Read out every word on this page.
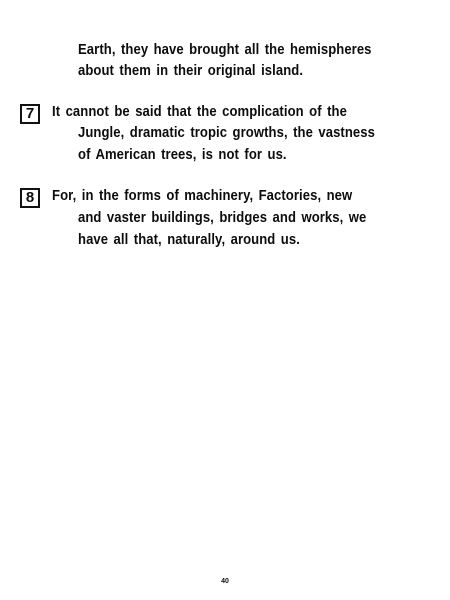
Earth, they have brought all the hemispheres
about them in their original island.
7	It cannot be said that the complication of the
Jungle, dramatic tropic growths, the vastness
of American trees, is not for us.
8	For, in the forms of machinery, Factories, new
and vaster buildings, bridges and works, we
have all that, naturally, around us.
40
